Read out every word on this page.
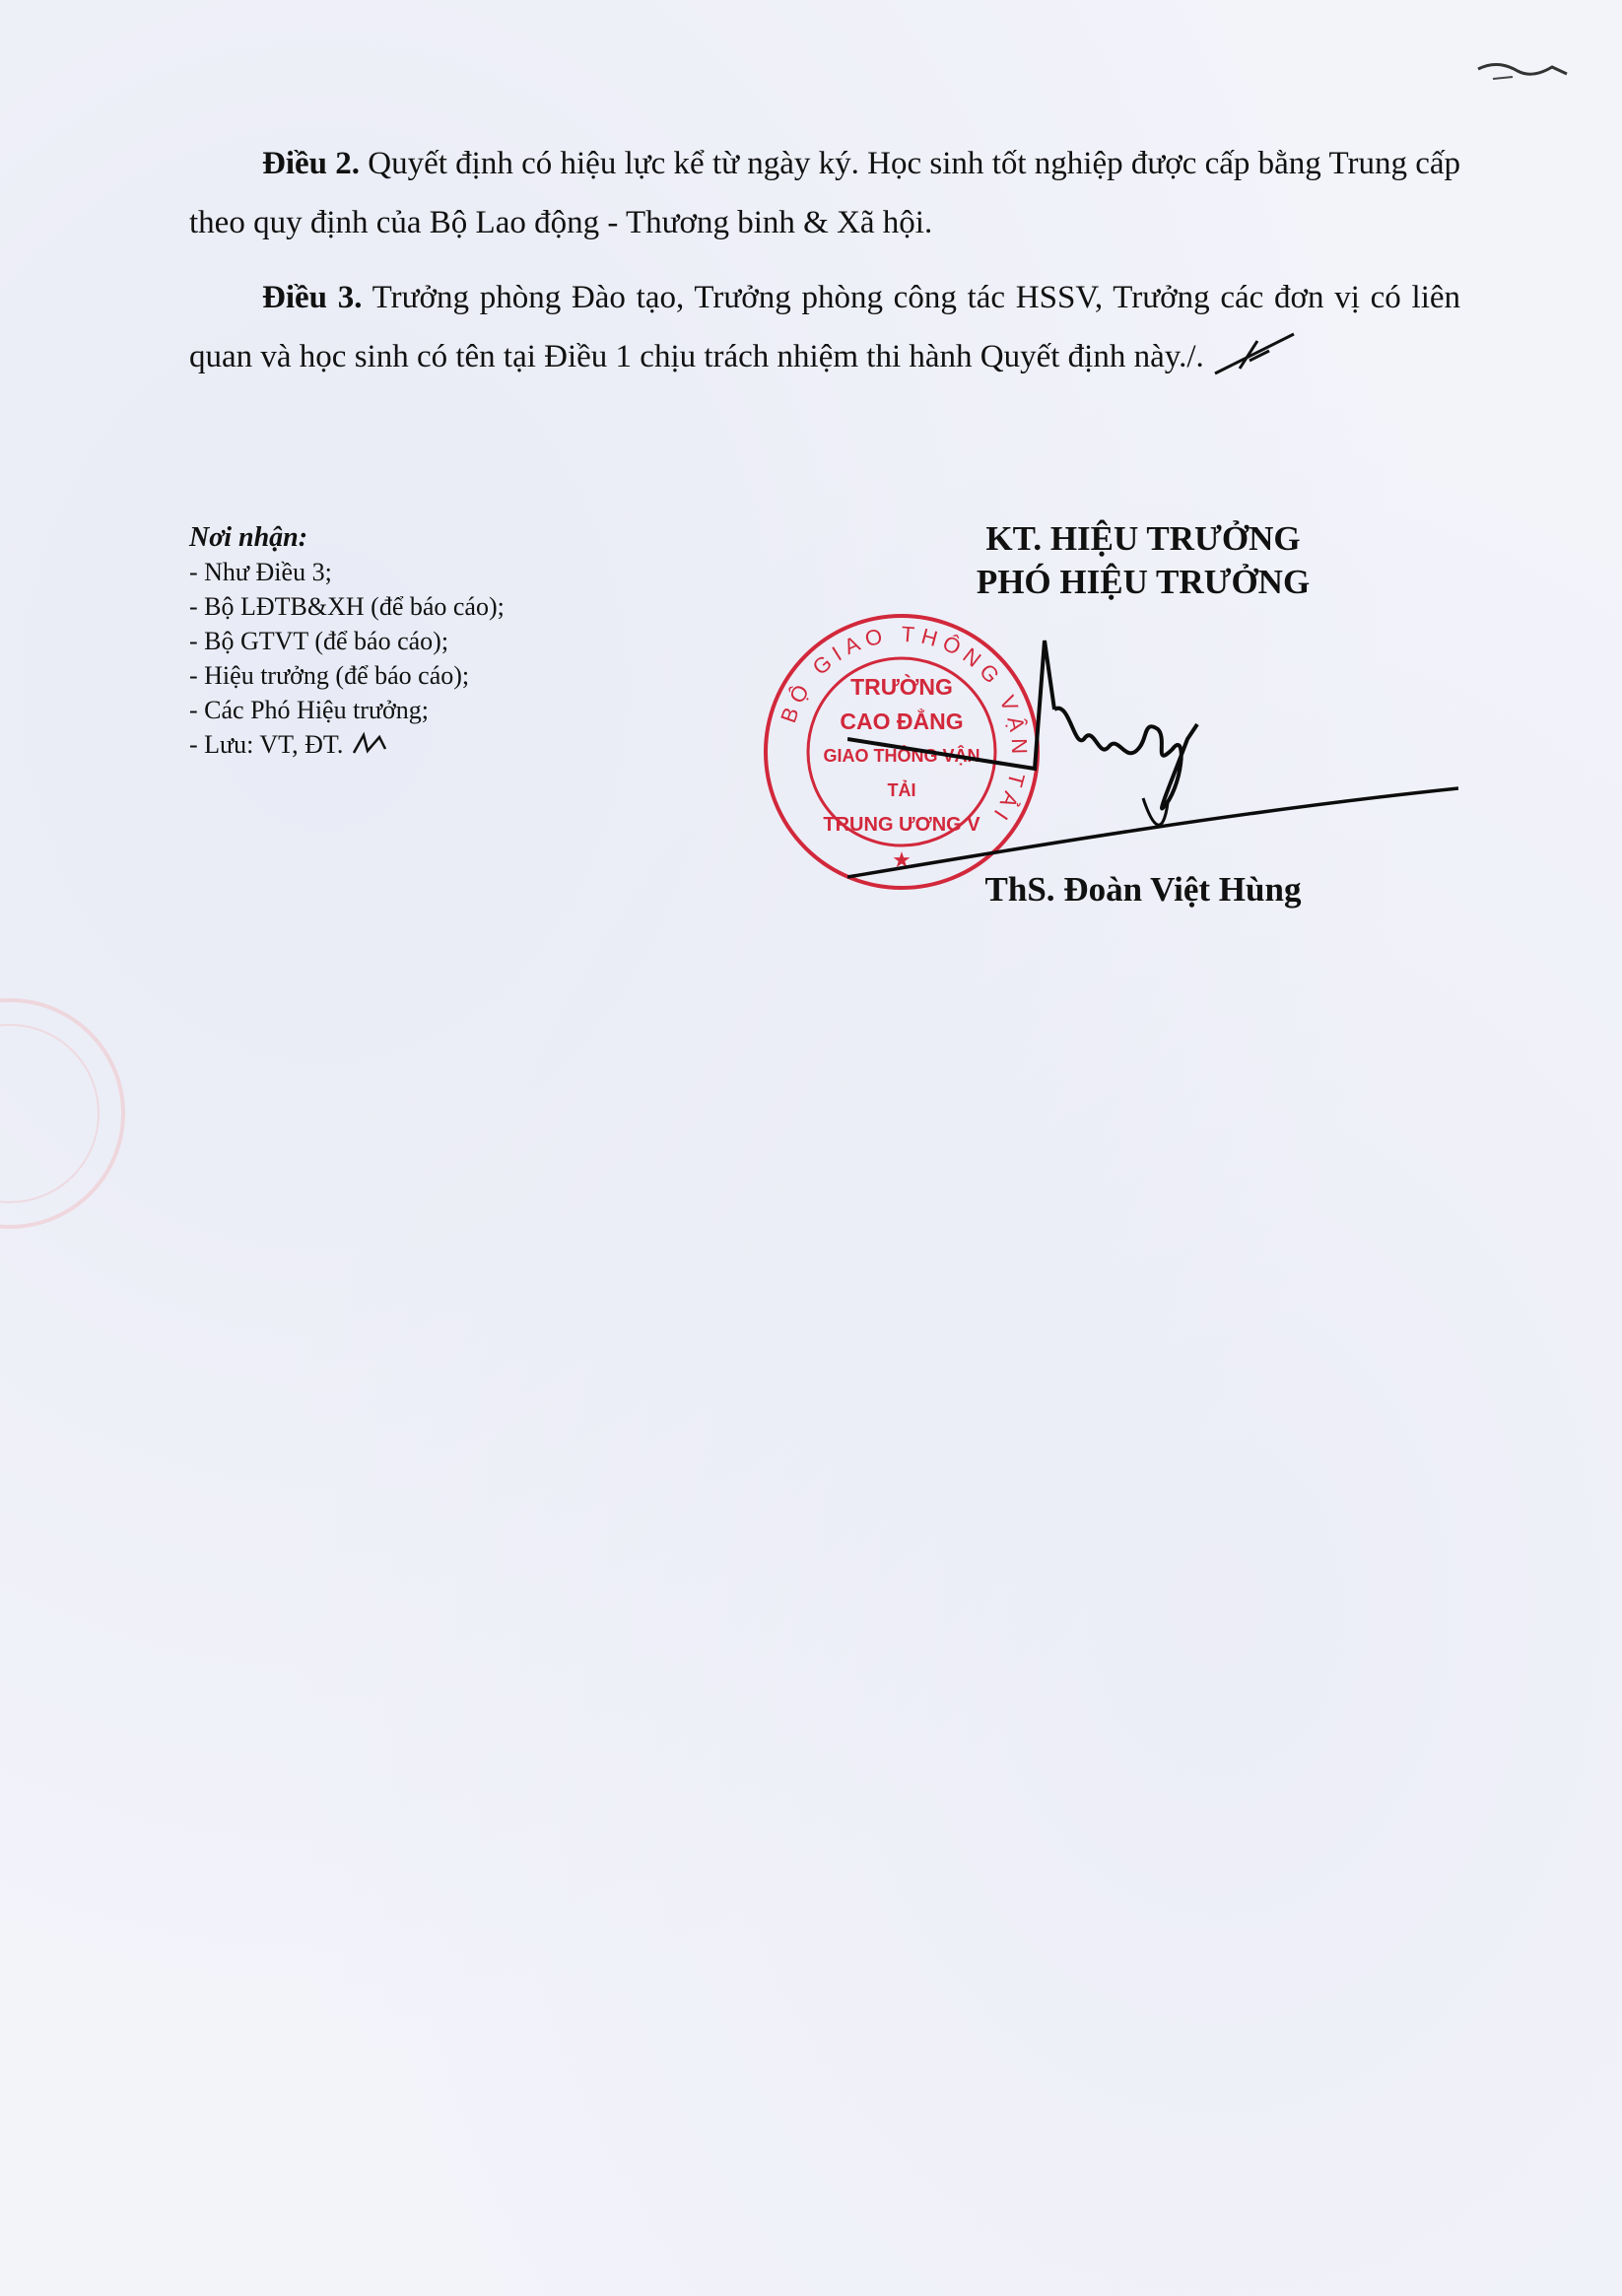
Điều 2. Quyết định có hiệu lực kể từ ngày ký. Học sinh tốt nghiệp được cấp bằng Trung cấp theo quy định của Bộ Lao động - Thương binh & Xã hội.
Điều 3. Trưởng phòng Đào tạo, Trưởng phòng công tác HSSV, Trưởng các đơn vị có liên quan và học sinh có tên tại Điều 1 chịu trách nhiệm thi hành Quyết định này./.
Nơi nhận:
- Như Điều 3;
- Bộ LĐTB&XH (để báo cáo);
- Bộ GTVT (để báo cáo);
- Hiệu trưởng (để báo cáo);
- Các Phó Hiệu trưởng;
- Lưu: VT, ĐT.
KT. HIỆU TRƯỞNG
PHÓ HIỆU TRƯỞNG
BỘ GIAO THÔNG VẬN TẢI
★
TRƯỜNG
CAO ĐẲNG
GIAO THÔNG VẬN TẢI
TRUNG ƯƠNG V
ThS. Đoàn Việt Hùng
